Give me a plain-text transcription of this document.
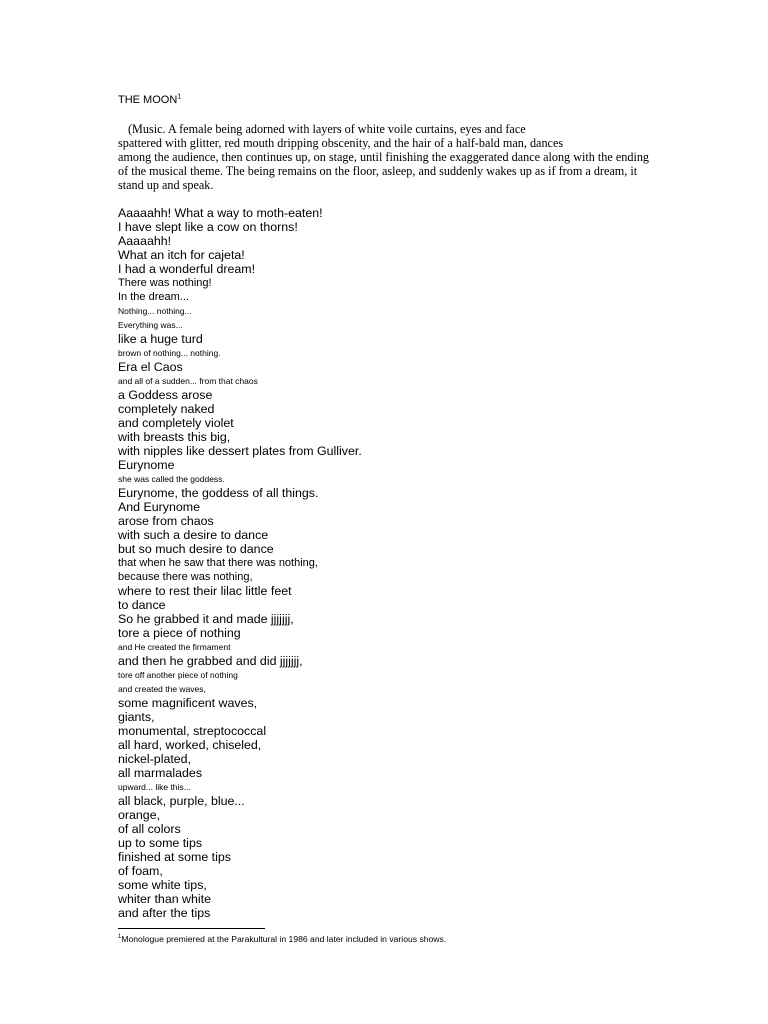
THE MOON$^1$
(Music. A female being adorned with layers of white voile curtains, eyes and face
spattered with glitter, red mouth dripping obscenity, and the hair of a half-bald man, dances
among the audience, then continues up, on stage, until finishing the exaggerated dance along with the ending
of the musical theme. The being remains on the floor, asleep, and suddenly wakes up as if from a dream, it
stand up and speak.
Aaaaahh! What a way to moth-eaten!
I have slept like a cow on thorns!
Aaaaahh!
What an itch for cajeta!
I had a wonderful dream!
There was nothing!
In the dream...
Nothing... nothing...
Everything was...
like a huge turd
brown of nothing... nothing.
Era el Caos
and all of a sudden... from that chaos
a Goddess arose
completely naked
and completely violet
with breasts this big,
with nipples like dessert plates from Gulliver.
Eurynome
she was called the goddess.
Eurynome, the goddess of all things.
And Eurynome
arose from chaos
with such a desire to dance
but so much desire to dance
that when he saw that there was nothing,
because there was nothing,
where to rest their lilac little feet
to dance
So he grabbed it and made jjjjjjj,
tore a piece of nothing
and He created the firmament
and then he grabbed and did jjjjjjj,
tore off another piece of nothing
and created the waves,
some magnificent waves,
giants,
monumental, streptococcal
all hard, worked, chiseled,
nickel-plated,
all marmalades
upward... like this...
all black, purple, blue...
orange,
of all colors
up to some tips
finished at some tips
of foam,
some white tips,
whiter than white
and after the tips
$^1$Monologue premiered at the Parakultural in 1986 and later included in various shows.
